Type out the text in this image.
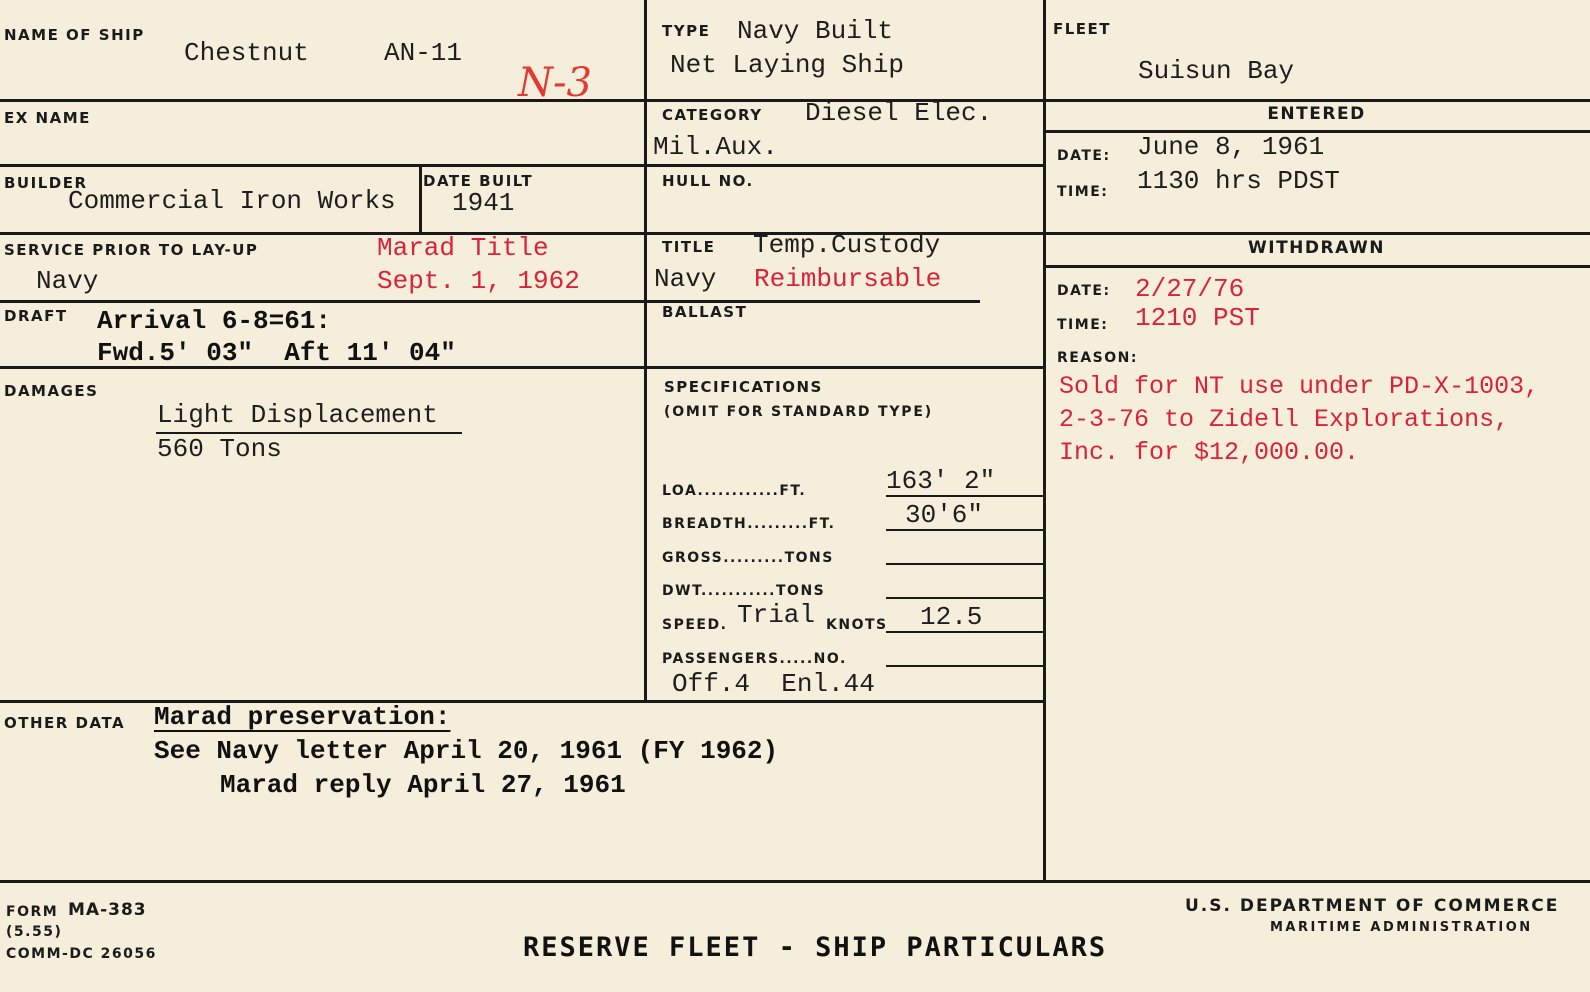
NAME OF SHIP
Chestnut	AN-11
N-3
TYPE Navy Built
Net Laying Ship
FLEET
Suisun Bay
EX NAME	CATEGORY Diesel Elec.
Mil.Aux.
ENTERED
DATE: June 8, 1961
TIME: 1130 hrs PDST
BUILDER
Commercial Iron Works
DATE BUILT
1941
HULL NO.
SERVICE PRIOR TO LAY-UP
Navy
Marad Title
Sept. 1, 1962
TITLE Temp.Custody
Navy Reimbursable
WITHDRAWN
DATE: 2/27/76
TIME: 1210 PST
REASON:
Sold for NT use under PD-X-1003,
2-3-76 to Zidell Explorations,
Inc. for $12,000.00.
DRAFT Arrival 6-8=61:
Fwd.5' 03"  Aft 11' 04"
BALLAST
DAMAGES
Light Displacement
560 Tons
SPECIFICATIONS
(OMIT FOR STANDARD TYPE)
LOA............FT.	163' 2"
BREADTH.........FT.	30'6"
GROSS.........TONS
DWT...........TONS
SPEED. Trial KNOTS 12.5
PASSENGERS.....NO.
Off.4  Enl.44
OTHER DATA Marad preservation:
See Navy letter April 20, 1961 (FY 1962)
Marad reply April 27, 1961
FORM MA-383
(5.55)
COMM-DC 26056	RESERVE FLEET - SHIP PARTICULARS
U.S. DEPARTMENT OF COMMERCE
MARITIME ADMINISTRATION
